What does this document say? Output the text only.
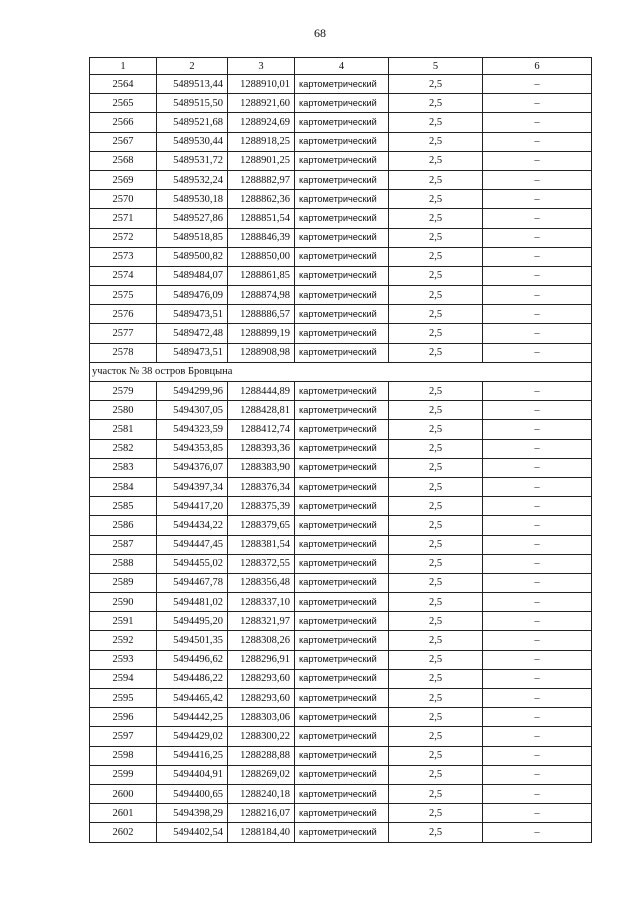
68
1	2	3	4	5	6
2564	5489513,44	1288910,01	картометрический	2,5	–
2565	5489515,50	1288921,60	картометрический	2,5	–
2566	5489521,68	1288924,69	картометрический	2,5	–
2567	5489530,44	1288918,25	картометрический	2,5	–
2568	5489531,72	1288901,25	картометрический	2,5	–
2569	5489532,24	1288882,97	картометрический	2,5	–
2570	5489530,18	1288862,36	картометрический	2,5	–
2571	5489527,86	1288851,54	картометрический	2,5	–
2572	5489518,85	1288846,39	картометрический	2,5	–
2573	5489500,82	1288850,00	картометрический	2,5	–
2574	5489484,07	1288861,85	картометрический	2,5	–
2575	5489476,09	1288874,98	картометрический	2,5	–
2576	5489473,51	1288886,57	картометрический	2,5	–
2577	5489472,48	1288899,19	картометрический	2,5	–
2578	5489473,51	1288908,98	картометрический	2,5	–
участок № 38 остров Бровцына					
2579	5494299,96	1288444,89	картометрический	2,5	–
2580	5494307,05	1288428,81	картометрический	2,5	–
2581	5494323,59	1288412,74	картометрический	2,5	–
2582	5494353,85	1288393,36	картометрический	2,5	–
2583	5494376,07	1288383,90	картометрический	2,5	–
2584	5494397,34	1288376,34	картометрический	2,5	–
2585	5494417,20	1288375,39	картометрический	2,5	–
2586	5494434,22	1288379,65	картометрический	2,5	–
2587	5494447,45	1288381,54	картометрический	2,5	–
2588	5494455,02	1288372,55	картометрический	2,5	–
2589	5494467,78	1288356,48	картометрический	2,5	–
2590	5494481,02	1288337,10	картометрический	2,5	–
2591	5494495,20	1288321,97	картометрический	2,5	–
2592	5494501,35	1288308,26	картометрический	2,5	–
2593	5494496,62	1288296,91	картометрический	2,5	–
2594	5494486,22	1288293,60	картометрический	2,5	–
2595	5494465,42	1288293,60	картометрический	2,5	–
2596	5494442,25	1288303,06	картометрический	2,5	–
2597	5494429,02	1288300,22	картометрический	2,5	–
2598	5494416,25	1288288,88	картометрический	2,5	–
2599	5494404,91	1288269,02	картометрический	2,5	–
2600	5494400,65	1288240,18	картометрический	2,5	–
2601	5494398,29	1288216,07	картометрический	2,5	–
2602	5494402,54	1288184,40	картометрический	2,5	–
